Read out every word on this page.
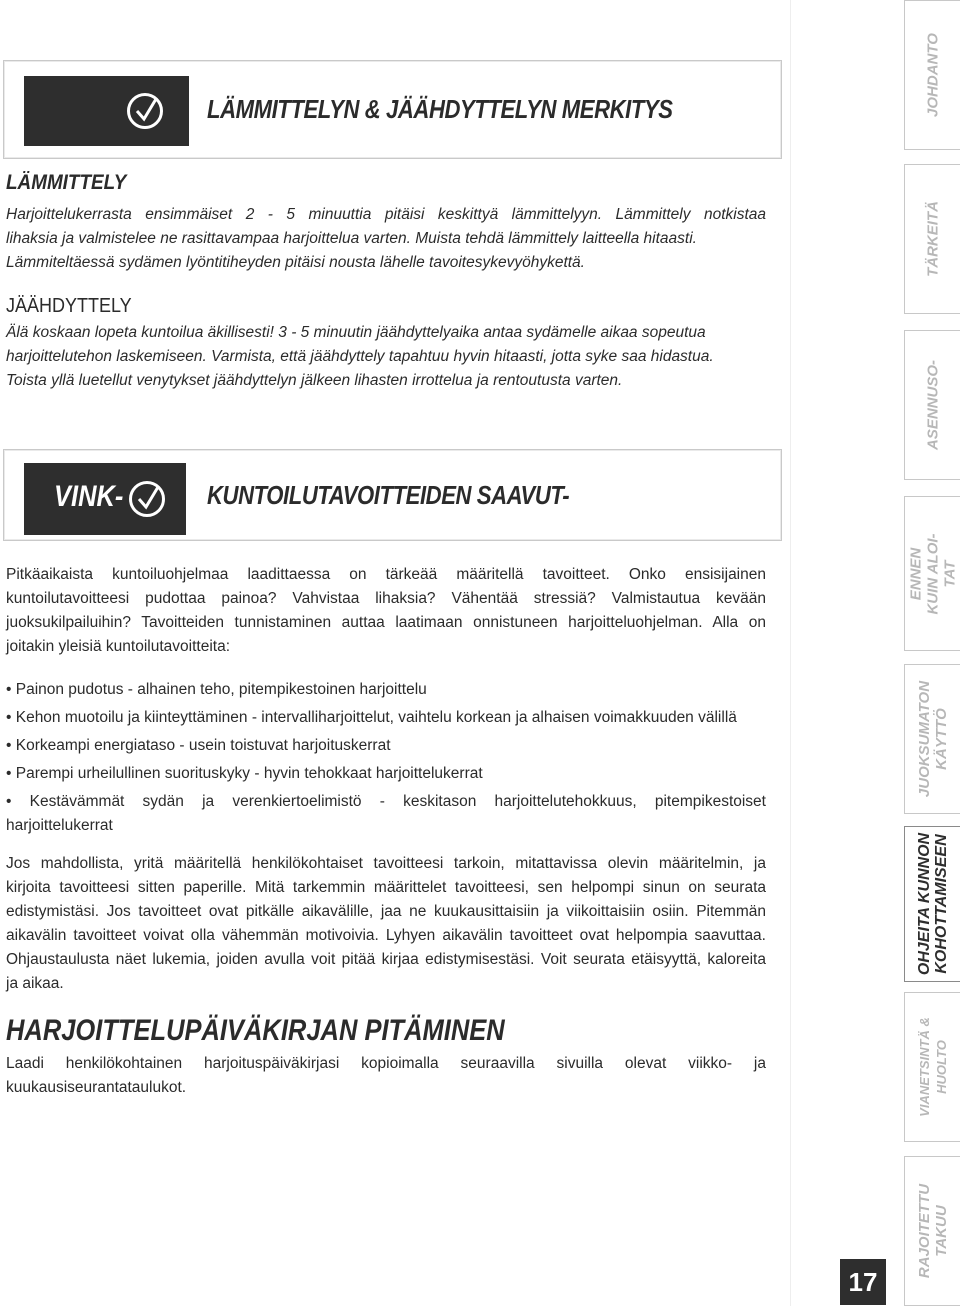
LÄMMITTELYN & JÄÄHDYTTELYN MERKITYS
LÄMMITTELY

Harjoittelukerrasta ensimmäiset 2 - 5 minuuttia pitäisi keskittyä lämmittelyyn. Lämmittely notkistaa

lihaksia ja valmistelee ne rasittavampaa harjoittelua varten. Muista tehdä lämmittely laitteella hitaasti.

Lämmiteltäessä sydämen lyöntitiheyden pitäisi nousta lähelle tavoitesykevyöhykettä.

JÄÄHDYTTELY

Älä koskaan lopeta kuntoilua äkillisesti! 3 - 5 minuutin jäähdyttelyaika antaa sydämelle aikaa sopeutua

harjoittelutehon laskemiseen. Varmista, että jäähdyttely tapahtuu hyvin hitaasti, jotta syke saa hidastua.

Toista yllä luetellut venytykset jäähdyttelyn jälkeen lihasten irrottelua ja rentoutusta varten.

VINK-	KUNTOILUTAVOITTEIDEN SAAVUT-

Pitkäaikaista kuntoiluohjelmaa laadittaessa on tärkeää määritellä tavoitteet. Onko ensisijainen

kuntoilutavoitteesi pudottaa painoa? Vahvistaa lihaksia? Vähentää stressiä? Valmistautua kevään

juoksukilpailuihin? Tavoitteiden tunnistaminen auttaa laatimaan onnistuneen harjoitteluohjelman. Alla on

joitakin yleisiä kuntoilutavoitteita:

• Painon pudotus - alhainen teho, pitempikestoinen harjoittelu
• Kehon muotoilu ja kiinteyttäminen - intervalliharjoittelut, vaihtelu korkean ja alhaisen voimakkuuden välillä
• Korkeampi energiataso - usein toistuvat harjoituskerrat
• Parempi urheilullinen suorituskyky - hyvin tehokkaat harjoittelukerrat
• Kestävämmät sydän ja verenkiertoelimistö - keskitason harjoittelutehokkuus, pitempikestoiset
harjoittelukerrat

Jos mahdollista, yritä määritellä henkilökohtaiset tavoitteesi tarkoin, mitattavissa olevin määritelmin, ja

kirjoita tavoitteesi sitten paperille. Mitä tarkemmin määrittelet tavoitteesi, sen helpompi sinun on seurata

edistymistäsi. Jos tavoitteet ovat pitkälle aikavälille, jaa ne kuukausittaisiin ja viikoittaisiin osiin. Pitemmän

aikavälin tavoitteet voivat olla vähemmän motivoivia. Lyhyen aikavälin tavoitteet ovat helpompia saavuttaa.

Ohjaustaulusta näet lukemia, joiden avulla voit pitää kirjaa edistymisestäsi. Voit seurata etäisyyttä, kaloreita

ja aikaa.

HARJOITTELUPÄIVÄKIRJAN PITÄMINEN

Laadi henkilökohtainen harjoituspäiväkirjasi kopioimalla seuraavilla sivuilla olevat viikko- ja

kuukausiseurantataulukot.

JOHDANTO
TÄRKEITÄ
ASENNUSO-
ENNEN KUIN ALOI- TAT
JUOKSUMATON KÄYTTÖ
OHJEITA KUNNON KOHOTTAMISEEN
VIANETSINTÄ & HUOLTO
RAJOITETTU TAKUU
17
